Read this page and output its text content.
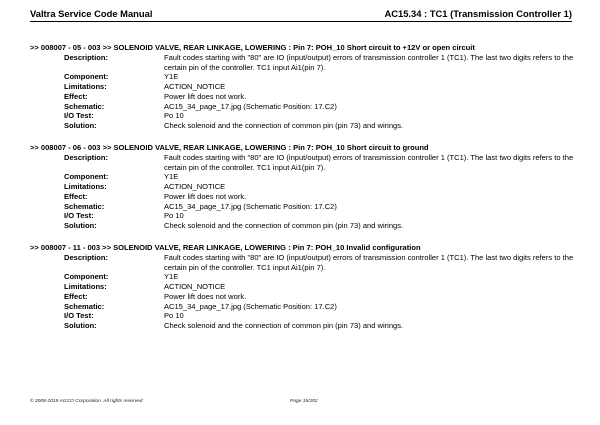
Valtra Service Code Manual	AC15.34 : TC1 (Transmission Controller 1)
>> 008007 - 05 - 003 >> SOLENOID VALVE, REAR LINKAGE, LOWERING : Pin 7: POH_10 Short circuit to +12V or open circuit
Description:	Fault codes starting with "80" are IO (input/output) errors of transmission controller 1 (TC1). The last two digits refers to the certain pin of the controller. TC1 input Ai1(pin 7).
Component:	Y1E
Limitations:	ACTION_NOTICE
Effect:	Power lift does not work.
Schematic:	AC15_34_page_17.jpg (Schematic Position: 17.C2)
I/O Test:	Po 10
Solution:	Check solenoid and the connection of common pin (pin 73) and wirings.
>> 008007 - 06 - 003 >> SOLENOID VALVE, REAR LINKAGE, LOWERING : Pin 7: POH_10 Short circuit to ground
Description:	Fault codes starting with "80" are IO (input/output) errors of transmission controller 1 (TC1). The last two digits refers to the certain pin of the controller. TC1 input Ai1(pin 7).
Component:	Y1E
Limitations:	ACTION_NOTICE
Effect:	Power lift does not work.
Schematic:	AC15_34_page_17.jpg (Schematic Position: 17.C2)
I/O Test:	Po 10
Solution:	Check solenoid and the connection of common pin (pin 73) and wirings.
>> 008007 - 11 - 003 >> SOLENOID VALVE, REAR LINKAGE, LOWERING : Pin 7: POH_10 Invalid configuration
Description:	Fault codes starting with "80" are IO (input/output) errors of transmission controller 1 (TC1). The last two digits refers to the certain pin of the controller. TC1 input Ai1(pin 7).
Component:	Y1E
Limitations:	ACTION_NOTICE
Effect:	Power lift does not work.
Schematic:	AC15_34_page_17.jpg (Schematic Position: 17.C2)
I/O Test:	Po 10
Solution:	Check solenoid and the connection of common pin (pin 73) and wirings.
© 2008-2019 AGCO Corporation. All rights reserved	Page 15/202
